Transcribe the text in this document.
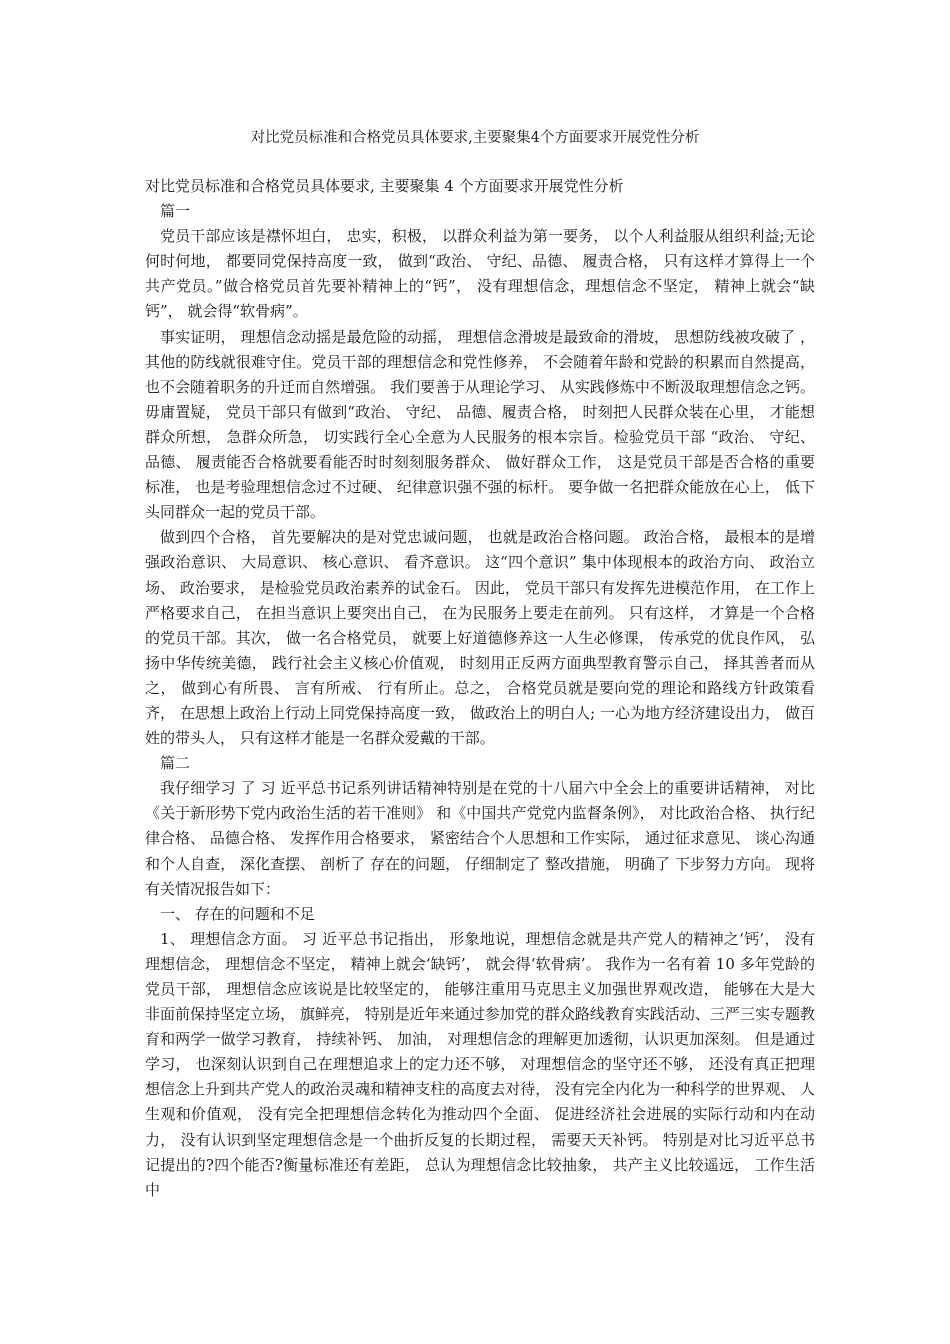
对比党员标准和合格党员具体要求,主要聚集4个方面要求开展党性分析

对比党员标准和合格党员具体要求, 主要聚集 4 个方面要求开展党性分析

篇一

党员干部应该是襟怀坦白， 忠实，积极， 以群众利益为第一要务， 以个人利益服从组织利益;无论何时何地， 都要同党保持高度一致， 做到“政治、 守纪、品德、 履责合格， 只有这样才算得上一个共产党员。”做合格党员首先要补精神上的“钙”， 没有理想信念，理想信念不坚定， 精神上就会“缺钙”， 就会得“软骨病”。

事实证明， 理想信念动摇是最危险的动摇， 理想信念滑坡是最致命的滑坡， 思想防线被攻破了 ， 其他的防线就很难守住。党员干部的理想信念和党性修养， 不会随着年龄和党龄的积累而自然提高， 也不会随着职务的升迁而自然增强。 我们要善于从理论学习、 从实践修炼中不断汲取理想信念之钙。毋庸置疑， 党员干部只有做到“政治、 守纪、 品德、履责合格， 时刻把人民群众装在心里， 才能想群众所想， 急群众所急， 切实践行全心全意为人民服务的根本宗旨。检验党员干部 “政治、 守纪、 品德、 履责能否合格就要看能否时时刻刻服务群众、 做好群众工作， 这是党员干部是否合格的重要标准， 也是考验理想信念过不过硬、 纪律意识强不强的标杆。 要争做一名把群众能放在心上， 低下头同群众一起的党员干部。

做到四个合格， 首先要解决的是对党忠诚问题， 也就是政治合格问题。 政治合格， 最根本的是增强政治意识、 大局意识、 核心意识、 看齐意识。 这“四个意识” 集中体现根本的政治方向、 政治立场、 政治要求， 是检验党员政治素养的试金石。 因此， 党员干部只有发挥先进模范作用， 在工作上严格要求自己， 在担当意识上要突出自己， 在为民服务上要走在前列。 只有这样， 才算是一个合格的党员干部。其次， 做一名合格党员， 就要上好道德修养这一人生必修课， 传承党的优良作风， 弘扬中华传统美德， 践行社会主义核心价值观， 时刻用正反两方面典型教育警示自己， 择其善者而从之， 做到心有所畏、 言有所戒、 行有所止。总之， 合格党员就是要向党的理论和路线方针政策看齐， 在思想上政治上行动上同党保持高度一致， 做政治上的明白人; 一心为地方经济建设出力， 做百姓的带头人， 只有这样才能是一名群众爱戴的干部。

篇二

我仔细学习 了 习 近平总书记系列讲话精神特别是在党的十八届六中全会上的重要讲话精神， 对比《关于新形势下党内政治生活的若干准则》 和《中国共产党党内监督条例》， 对比政治合格、 执行纪律合格、 品德合格、 发挥作用合格要求， 紧密结合个人思想和工作实际， 通过征求意见、 谈心沟通和个人自查， 深化查摆、 剖析了 存在的问题， 仔细制定了 整改措施， 明确了 下步努力方向。 现将有关情况报告如下：

一、 存在的问题和不足

1、 理想信念方面。 习 近平总书记指出， 形象地说，理想信念就是共产党人的精神之‘钙’， 没有理想信念， 理想信念不坚定， 精神上就会‘缺钙’， 就会得‘软骨病’。 我作为一名有着 10 多年党龄的党员干部， 理想信念应该说是比较坚定的， 能够注重用马克思主义加强世界观改造， 能够在大是大非面前保持坚定立场， 旗鲜亮， 特别是近年来通过参加党的群众路线教育实践活动、三严三实专题教育和两学一做学习教育， 持续补钙、 加油， 对理想信念的理解更加透彻，认识更加深刻。 但是通过学习， 也深刻认识到自己在理想追求上的定力还不够， 对理想信念的坚守还不够， 还没有真正把理想信念上升到共产党人的政治灵魂和精神支柱的高度去对待， 没有完全内化为一种科学的世界观、 人生观和价值观， 没有完全把理想信念转化为推动四个全面、 促进经济社会进展的实际行动和内在动力， 没有认识到坚定理想信念是一个曲折反复的长期过程， 需要天天补钙。 特别是对比习近平总书记提出的?四个能否?衡量标准还有差距， 总认为理想信念比较抽象， 共产主义比较遥远， 工作生活中
